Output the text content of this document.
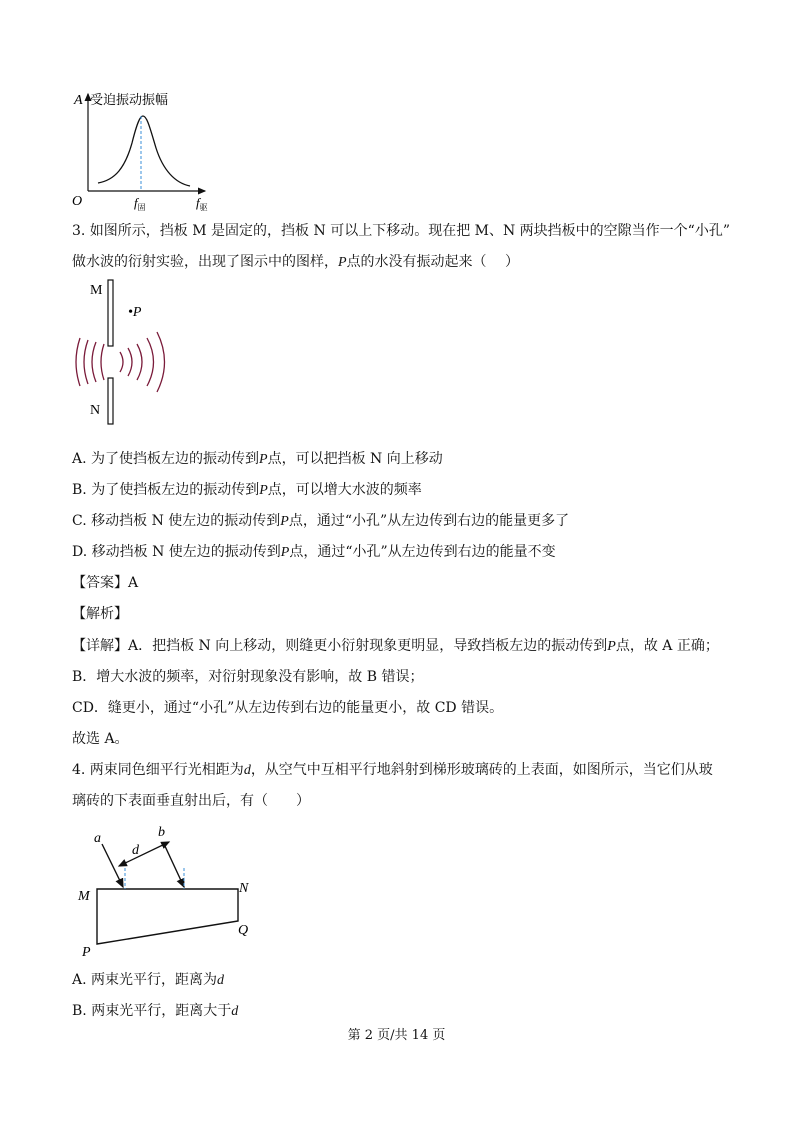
A 受迫振动振幅
O	$f_固$	$f_驱$
3. 如图所示，挡板 M 是固定的，挡板 N 可以上下移动。现在把 M、N 两块挡板中的空隙当作一个“小孔”
做水波的衍射实验，出现了图示中的图样，P点的水没有振动起来（　 ）
M
N
•P
A. 为了使挡板左边的振动传到P点，可以把挡板 N 向上移动
B. 为了使挡板左边的振动传到P点，可以增大水波的频率
C. 移动挡板 N 使左边的振动传到P点，通过“小孔”从左边传到右边的能量更多了
D. 移动挡板 N 使左边的振动传到P点，通过“小孔”从左边传到右边的能量不变
【答案】A
【解析】
【详解】A．把挡板 N 向上移动，则缝更小衍射现象更明显，导致挡板左边的振动传到P点，故 A 正确；
B．增大水波的频率，对衍射现象没有影响，故 B 错误；
CD．缝更小，通过“小孔”从左边传到右边的能量更小，故 CD 错误。
故选 A。
4. 两束同色细平行光相距为d，从空气中互相平行地斜射到梯形玻璃砖的上表面，如图所示，当它们从玻
璃砖的下表面垂直射出后，有（　　）
a	b
d
M
N
P
Q
A. 两束光平行，距离为d
B. 两束光平行，距离大于d
第 2 页/共 14 页
